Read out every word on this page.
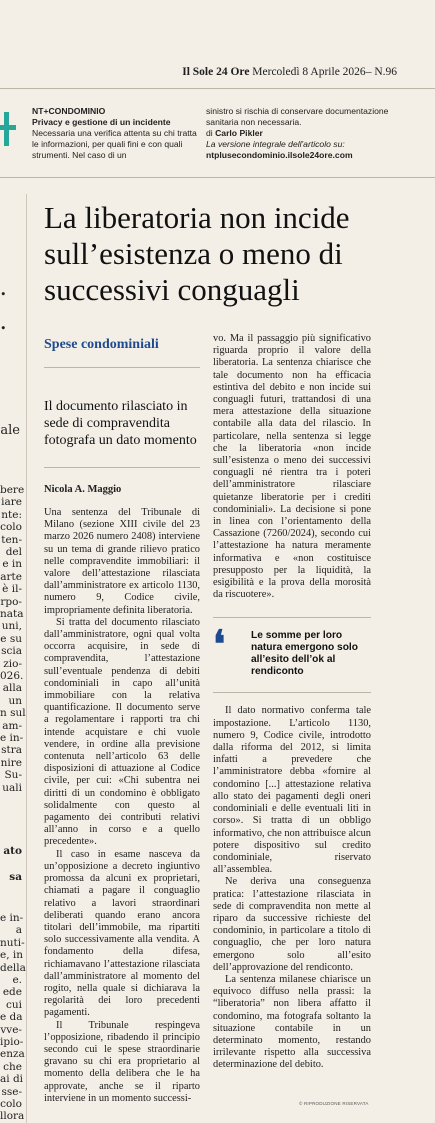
Il Sole 24 Ore Mercoledì 8 Aprile 2026– N.96
NT+CONDOMINIO
Privacy e gestione di un incidente
Necessaria una verifica attenta su chi tratta le informazioni, per quali fini e con quali strumenti. Nel caso di un
sinistro si rischia di conservare documentazione sanitaria non necessaria.
di Carlo Pikler
La versione integrale dell'articolo su:
ntplusecondominio.ilsole24ore.com
.
.
ale
bere
iare
nte:
colo
ten-
del
e in
arte
è il-
rpo-
nata
uni,
e su
scia
zio-
026.
alla
un
n sul
am-
e in-
stra
nire
Su-
uali
ato
sa
e in-
a
nuti-
e, in
della
e.
ede
cui
e da
vve-
ipio-
enza
che
ai di
sse-
colo
llora
La liberatoria non incide sull’esistenza o meno di successivi conguagli
Spese condominiali
Il documento rilasciato in sede di compravendita fotografa un dato momento
Nicola A. Maggio

Una sentenza del Tribunale di Milano (sezione XIII civile del 23 marzo 2026 numero 2408) interviene su un tema di grande rilievo pratico nelle compravendite immobiliari: il valore dell’attestazione rilasciata dall’amministratore ex articolo 1130, numero 9, Codice civile, impropriamente definita liberatoria.

Si tratta del documento rilasciato dall’amministratore, ogni qual volta occorra acquisire, in sede di compravendita, l’attestazione sull’eventuale pendenza di debiti condominiali in capo all’unità immobiliare con la relativa quantificazione. Il documento serve a regolamentare i rapporti tra chi intende acquistare e chi vuole vendere, in ordine alla previsione contenuta nell’articolo 63 delle disposizioni di attuazione al Codice civile, per cui: «Chi subentra nei diritti di un condomino è obbligato solidalmente con questo al pagamento dei contributi relativi all’anno in corso e a quello precedente».

Il caso in esame nasceva da un’opposizione a decreto ingiuntivo promossa da alcuni ex proprietari, chiamati a pagare il conguaglio relativo a lavori straordinari deliberati quando erano ancora titolari dell’immobile, ma ripartiti solo successivamente alla vendita. A fondamento della difesa, richiamavano l’attestazione rilasciata dall’amministratore al momento del rogito, nella quale si dichiarava la regolarità dei loro precedenti pagamenti.

Il Tribunale respingeva l’opposizione, ribadendo il principio secondo cui le spese straordinarie gravano su chi era proprietario al momento della delibera che le ha approvate, anche se il riparto interviene in un momento successi-

vo. Ma il passaggio più significativo riguarda proprio il valore della liberatoria. La sentenza chiarisce che tale documento non ha efficacia estintiva del debito e non incide sui conguagli futuri, trattandosi di una mera attestazione della situazione contabile alla data del rilascio. In particolare, nella sentenza si legge che la liberatoria «non incide sull’esistenza o meno dei successivi conguagli né rientra tra i poteri dell’amministratore rilasciare quietanze liberatorie per i crediti condominiali». La decisione si pone in linea con l’orientamento della Cassazione (7260/2024), secondo cui l’attestazione ha natura meramente informativa e «non costituisce presupposto per la liquidità, la esigibilità e la prova della morosità da riscuotere».

❛	Le somme per loro natura emergono solo all’esito dell’ok al rendiconto

Il dato normativo conferma tale impostazione. L’articolo 1130, numero 9, Codice civile, introdotto dalla riforma del 2012, si limita infatti a prevedere che l’amministratore debba «fornire al condomino [...] attestazione relativa allo stato dei pagamenti degli oneri condominiali e delle eventuali liti in corso». Si tratta di un obbligo informativo, che non attribuisce alcun potere dispositivo sul credito condominiale, riservato all’assemblea.

Ne deriva una conseguenza pratica: l’attestazione rilasciata in sede di compravendita non mette al riparo da successive richieste del condominio, in particolare a titolo di conguaglio, che per loro natura emergono solo all’esito dell’approvazione del rendiconto.

La sentenza milanese chiarisce un equivoco diffuso nella prassi: la “liberatoria” non libera affatto il condomino, ma fotografa soltanto la situazione contabile in un determinato momento, restando irrilevante rispetto alla successiva determinazione del debito.

© RIPRODUZIONE RISERVATA
